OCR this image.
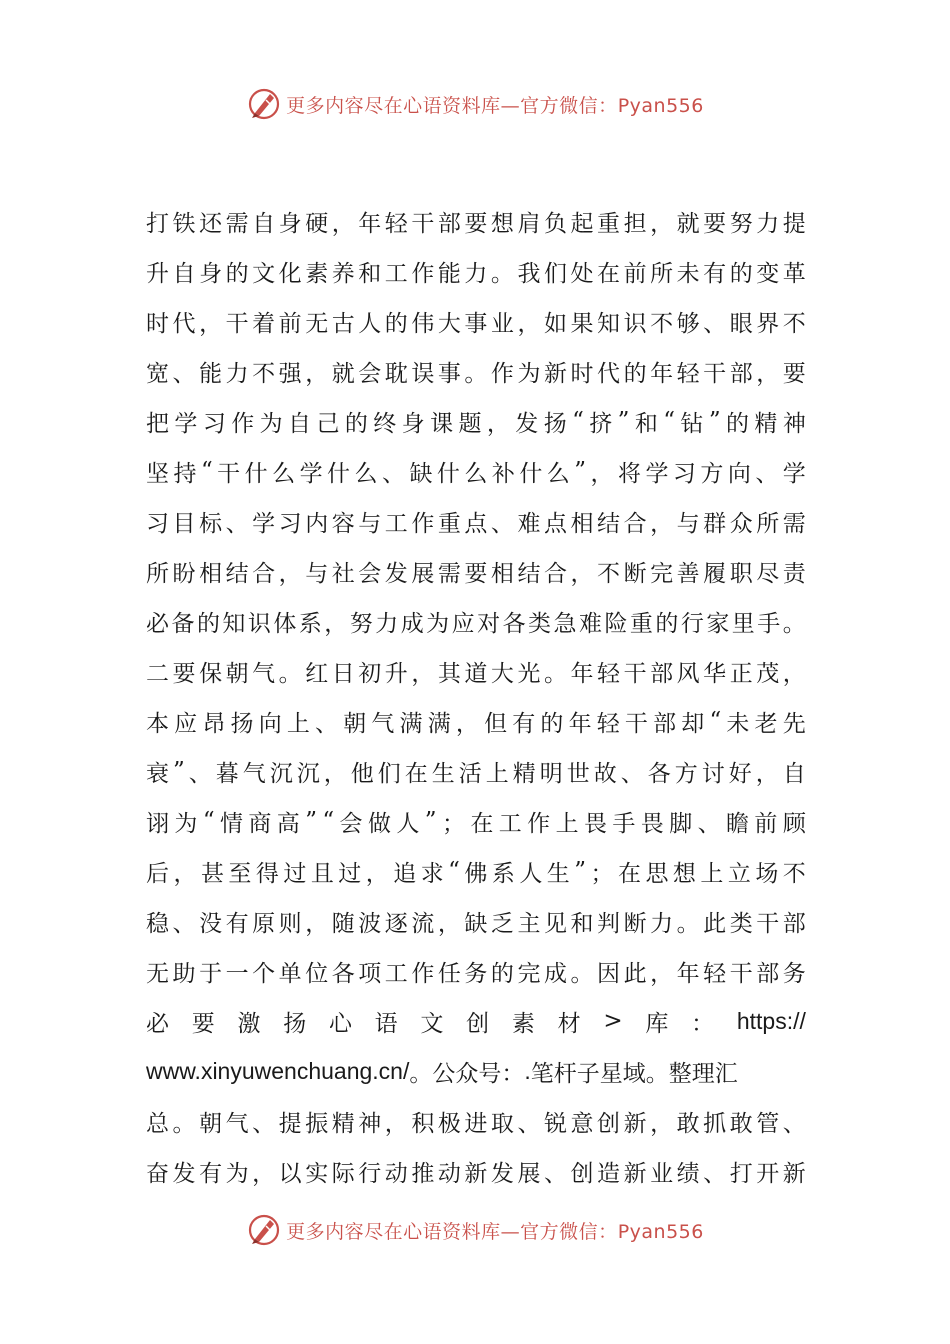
更多内容尽在心语资料库—官方微信：Pyan556
打 铁 还 需 自 身 硬 ， 年 轻 干 部 要 想 肩 负 起 重 担 ， 就 要 努 力 提
升 自 身 的 文 化 素 养 和 工 作 能 力 。 我 们 处 在 前 所 未 有 的 变 革
时 代 ， 干 着 前 无 古 人 的 伟 大 事 业 ， 如 果 知 识 不 够 、 眼 界 不
宽 、 能 力 不 强 ， 就 会 耽 误 事 。 作 为 新 时 代 的 年 轻 干 部 ， 要
把 学 习 作 为 自 己 的 终 身 课 题 ， 发 扬 “ 挤 ” 和 “ 钻 ” 的 精 神
坚 持 “ 干 什 么 学 什 么 、 缺 什 么 补 什 么 ” ， 将 学 习 方 向 、 学
习 目 标 、 学 习 内 容 与 工 作 重 点 、 难 点 相 结 合 ， 与 群 众 所 需
所 盼 相 结 合 ， 与 社 会 发 展 需 要 相 结 合 ， 不 断 完 善 履 职 尽 责
必 备 的 知 识 体 系 ， 努 力 成 为 应 对 各 类 急 难 险 重 的 行 家 里 手 。
二 要 保 朝 气 。 红 日 初 升 ， 其 道 大 光 。 年 轻 干 部 风 华 正 茂 ，
本 应 昂 扬 向 上 、 朝 气 满 满 ， 但 有 的 年 轻 干 部 却 “ 未 老 先
衰 ” 、 暮 气 沉 沉 ， 他 们 在 生 活 上 精 明 世 故 、 各 方 讨 好 ， 自
诩 为 “ 情 商 高 ” “ 会 做 人 ” ； 在 工 作 上 畏 手 畏 脚 、 瞻 前 顾
后 ， 甚 至 得 过 且 过 ， 追 求 “ 佛 系 人 生 ” ； 在 思 想 上 立 场 不
稳 、 没 有 原 则 ， 随 波 逐 流 ， 缺 乏 主 见 和 判 断 力 。 此 类 干 部
无 助 于 一 个 单 位 各 项 工 作 任 务 的 完 成 。 因 此 ， 年 轻 干 部 务
必 要 激 扬 心 语 文 创 素 材 > 库 ： https://
www.xinyuwenchuang.cn/ 。 公 众 号 ： . 笔 杆 子 星 域 。 整 理 汇
总 。 朝 气 、 提 振 精 神 ， 积 极 进 取 、 锐 意 创 新 ， 敢 抓 敢 管 、
奋 发 有 为 ， 以 实 际 行 动 推 动 新 发 展 、 创 造 新 业 绩 、 打 开 新
更多内容尽在心语资料库—官方微信：Pyan556
